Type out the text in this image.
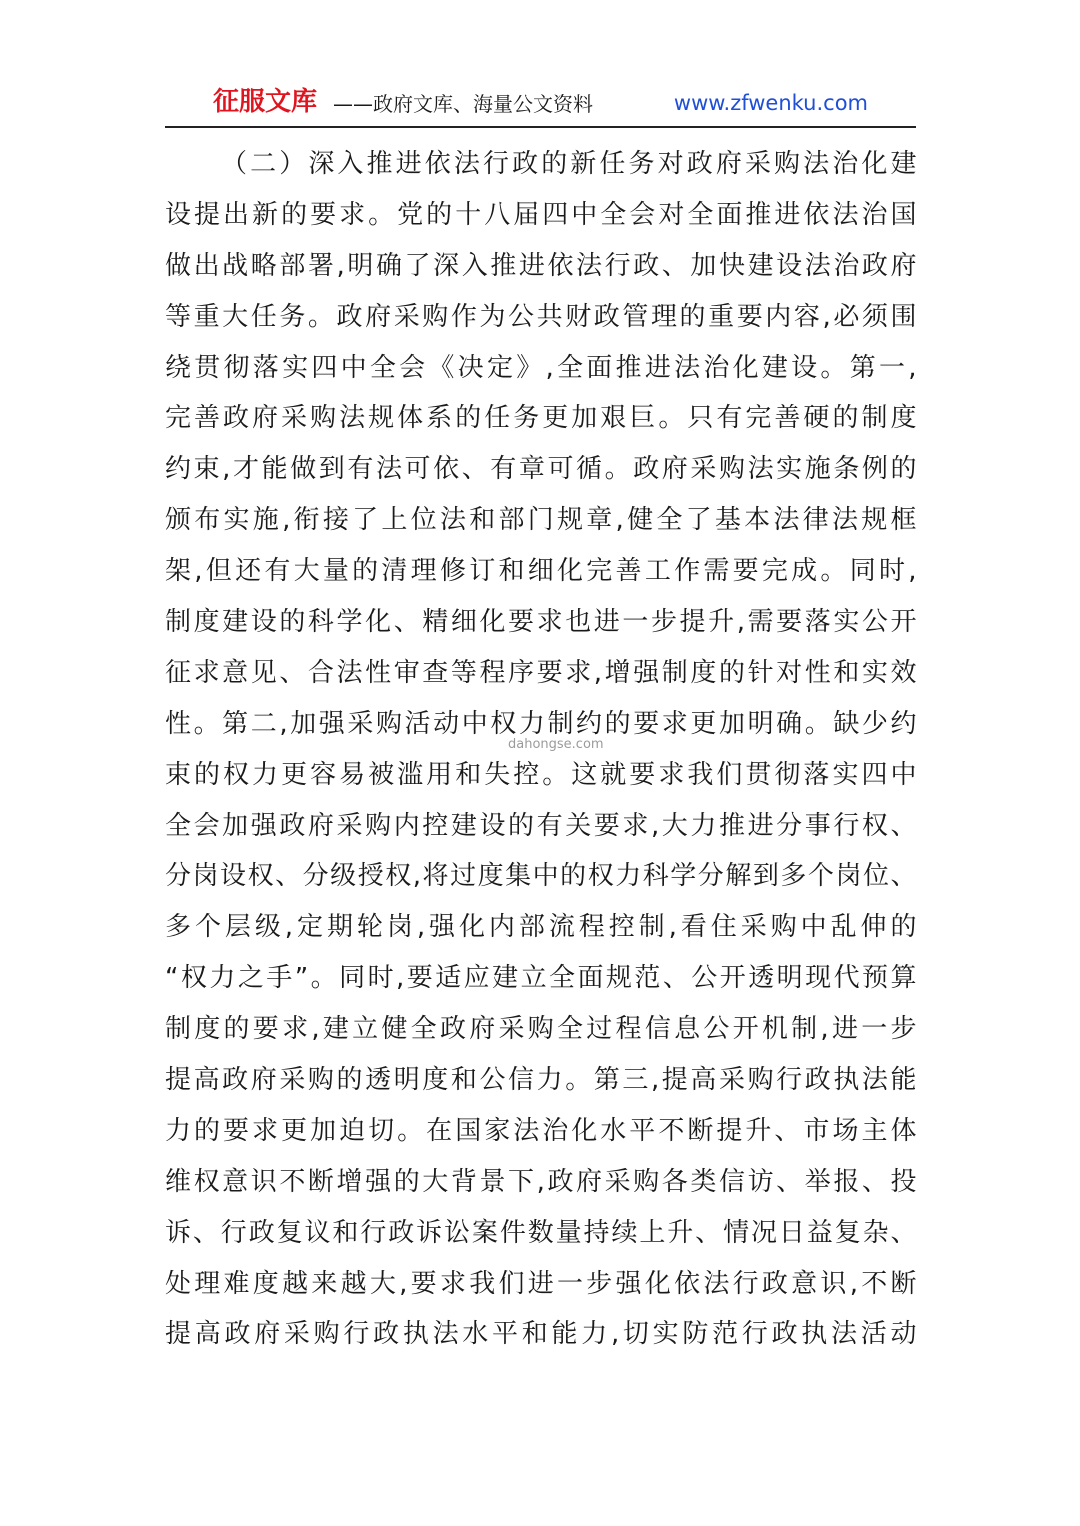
征服文库 ——政府文库、海量公文资料	www.zfwenku.com
（二）深入推进依法行政的新任务对政府采购法治化建
设提出新的要求。党的十八届四中全会对全面推进依法治国
做出战略部署,明确了深入推进依法行政、加快建设法治政府
等重大任务。政府采购作为公共财政管理的重要内容,必须围
绕贯彻落实四中全会《决定》,全面推进法治化建设。第一,
完善政府采购法规体系的任务更加艰巨。只有完善硬的制度
约束,才能做到有法可依、有章可循。政府采购法实施条例的
颁布实施,衔接了上位法和部门规章,健全了基本法律法规框
架,但还有大量的清理修订和细化完善工作需要完成。同时,
制度建设的科学化、精细化要求也进一步提升,需要落实公开
征求意见、合法性审查等程序要求,增强制度的针对性和实效
性。第二,加强采购活动中权力制约的要求更加明确。缺少约
束的权力更容易被滥用和失控。这就要求我们贯彻落实四中
全会加强政府采购内控建设的有关要求,大力推进分事行权、
分岗设权、分级授权,将过度集中的权力科学分解到多个岗位、
多个层级,定期轮岗,强化内部流程控制,看住采购中乱伸的
“权力之手”。同时,要适应建立全面规范、公开透明现代预算
制度的要求,建立健全政府采购全过程信息公开机制,进一步
提高政府采购的透明度和公信力。第三,提高采购行政执法能
力的要求更加迫切。在国家法治化水平不断提升、市场主体
维权意识不断增强的大背景下,政府采购各类信访、举报、投
诉、行政复议和行政诉讼案件数量持续上升、情况日益复杂、
处理难度越来越大,要求我们进一步强化依法行政意识,不断
提高政府采购行政执法水平和能力,切实防范行政执法活动
dahongse.com
